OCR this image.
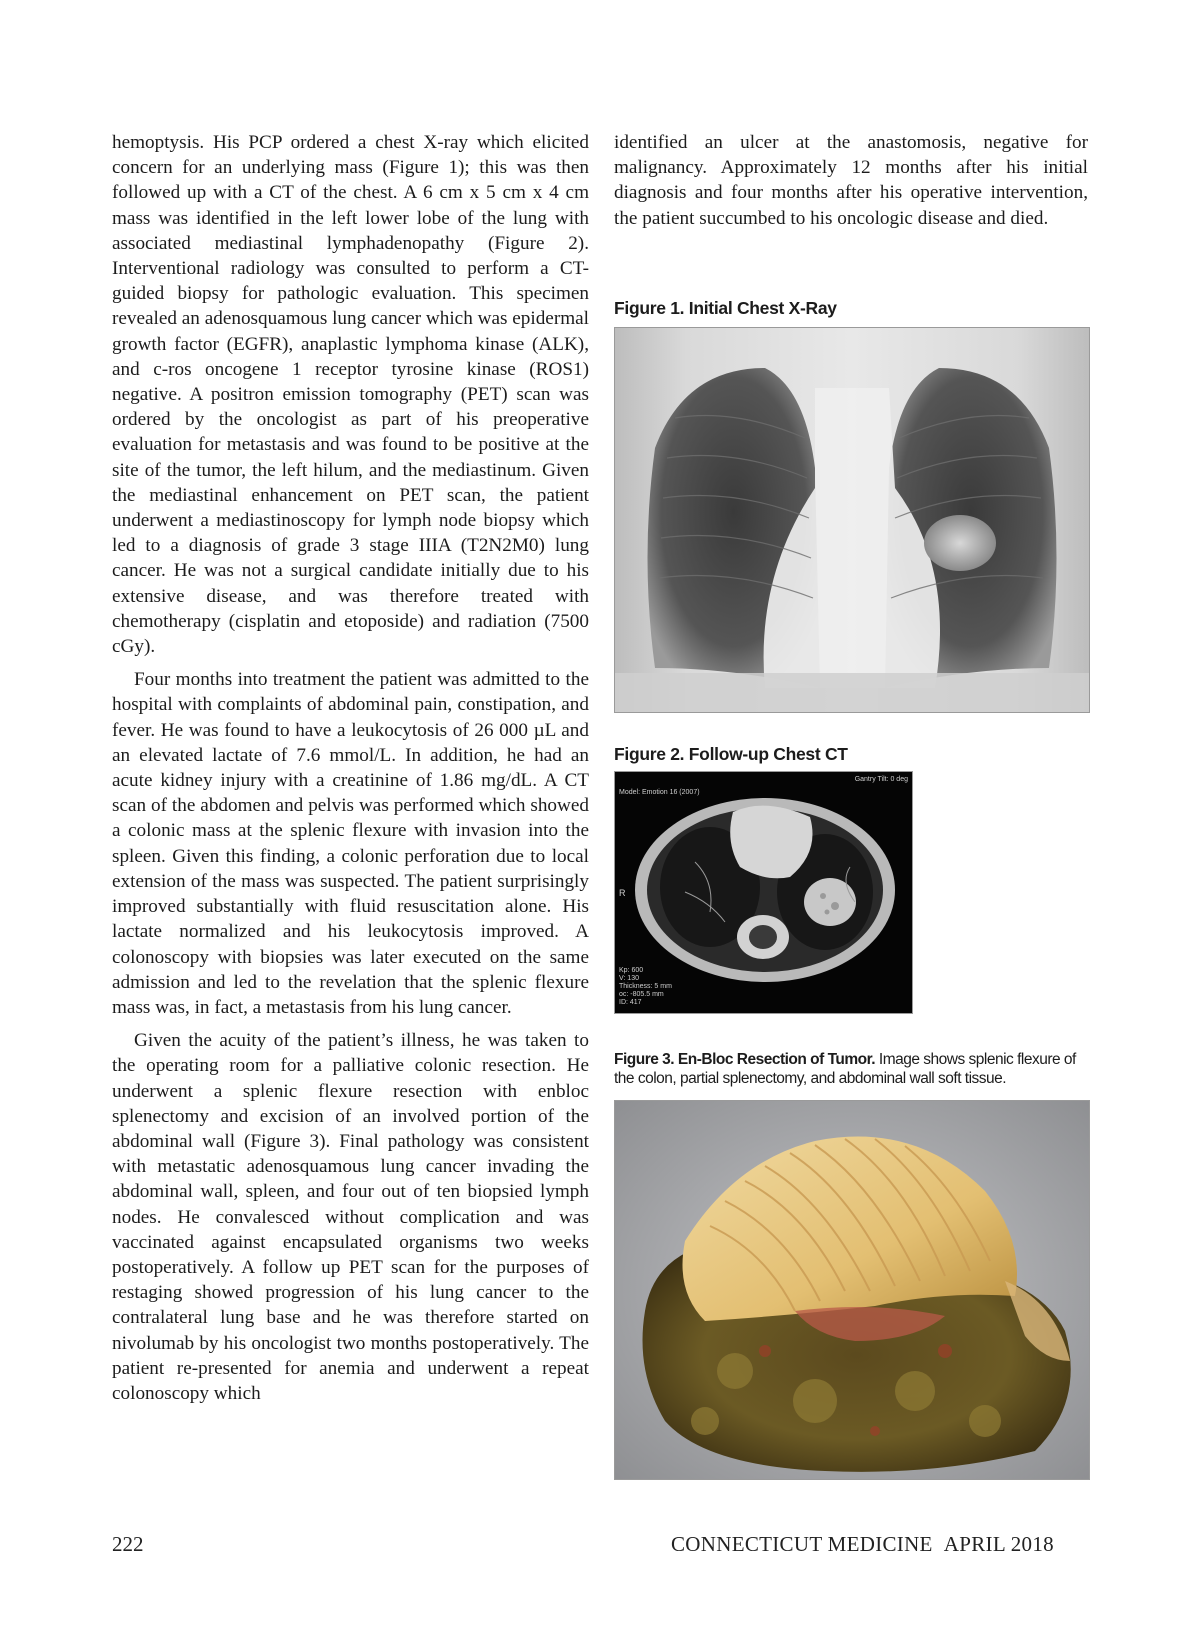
hemoptysis. His PCP ordered a chest X-ray which elicited concern for an underlying mass (Figure 1); this was then followed up with a CT of the chest. A 6 cm x 5 cm x 4 cm mass was identified in the left lower lobe of the lung with associated mediastinal lymphadenopathy (Figure 2). Interventional radiology was consulted to perform a CT-guided biopsy for pathologic evaluation. This specimen revealed an adenosquamous lung cancer which was epidermal growth factor (EGFR), anaplastic lymphoma kinase (ALK), and c-ros oncogene 1 receptor tyrosine kinase (ROS1) negative. A positron emission tomography (PET) scan was ordered by the oncologist as part of his preoperative evaluation for metastasis and was found to be positive at the site of the tumor, the left hilum, and the mediastinum. Given the mediastinal enhancement on PET scan, the patient underwent a mediastinoscopy for lymph node biopsy which led to a diagnosis of grade 3 stage IIIA (T2N2M0) lung cancer. He was not a surgical candidate initially due to his extensive disease, and was therefore treated with chemotherapy (cisplatin and etoposide) and radiation (7500 cGy).

Four months into treatment the patient was admitted to the hospital with complaints of abdominal pain, constipation, and fever. He was found to have a leukocytosis of 26 000 µL and an elevated lactate of 7.6 mmol/L. In addition, he had an acute kidney injury with a creatinine of 1.86 mg/dL. A CT scan of the abdomen and pelvis was performed which showed a colonic mass at the splenic flexure with invasion into the spleen. Given this finding, a colonic perforation due to local extension of the mass was suspected. The patient surprisingly improved substantially with fluid resuscitation alone. His lactate normalized and his leukocytosis improved. A colonoscopy with biopsies was later executed on the same admission and led to the revelation that the splenic flexure mass was, in fact, a metastasis from his lung cancer.

Given the acuity of the patient’s illness, he was taken to the operating room for a palliative colonic resection. He underwent a splenic flexure resection with enbloc splenectomy and excision of an involved portion of the abdominal wall (Figure 3). Final pathology was consistent with metastatic adenosquamous lung cancer invading the abdominal wall, spleen, and four out of ten biopsied lymph nodes. He convalesced without complication and was vaccinated against encapsulated organisms two weeks postoperatively. A follow up PET scan for the purposes of restaging showed progression of his lung cancer to the contralateral lung base and he was therefore started on nivolumab by his oncologist two months postoperatively. The patient re-presented for anemia and underwent a repeat colonoscopy which

identified an ulcer at the anastomosis, negative for malignancy. Approximately 12 months after his initial diagnosis and four months after his operative intervention, the patient succumbed to his oncologic disease and died.

Figure 1. Initial Chest X-Ray
Figure 2. Follow-up Chest CT
Model: Emotion 16 (2007)
Gantry Tilt: 0 deg
R
Kp: 600
V: 130
Thickness: 5 mm
oc: -805.5 mm
ID: 417
Figure 3. En-Bloc Resection of Tumor. Image shows splenic flexure of the colon, partial splenectomy, and abdominal wall soft tissue.
222	CONNECTICUT MEDICINE APRIL 2018
